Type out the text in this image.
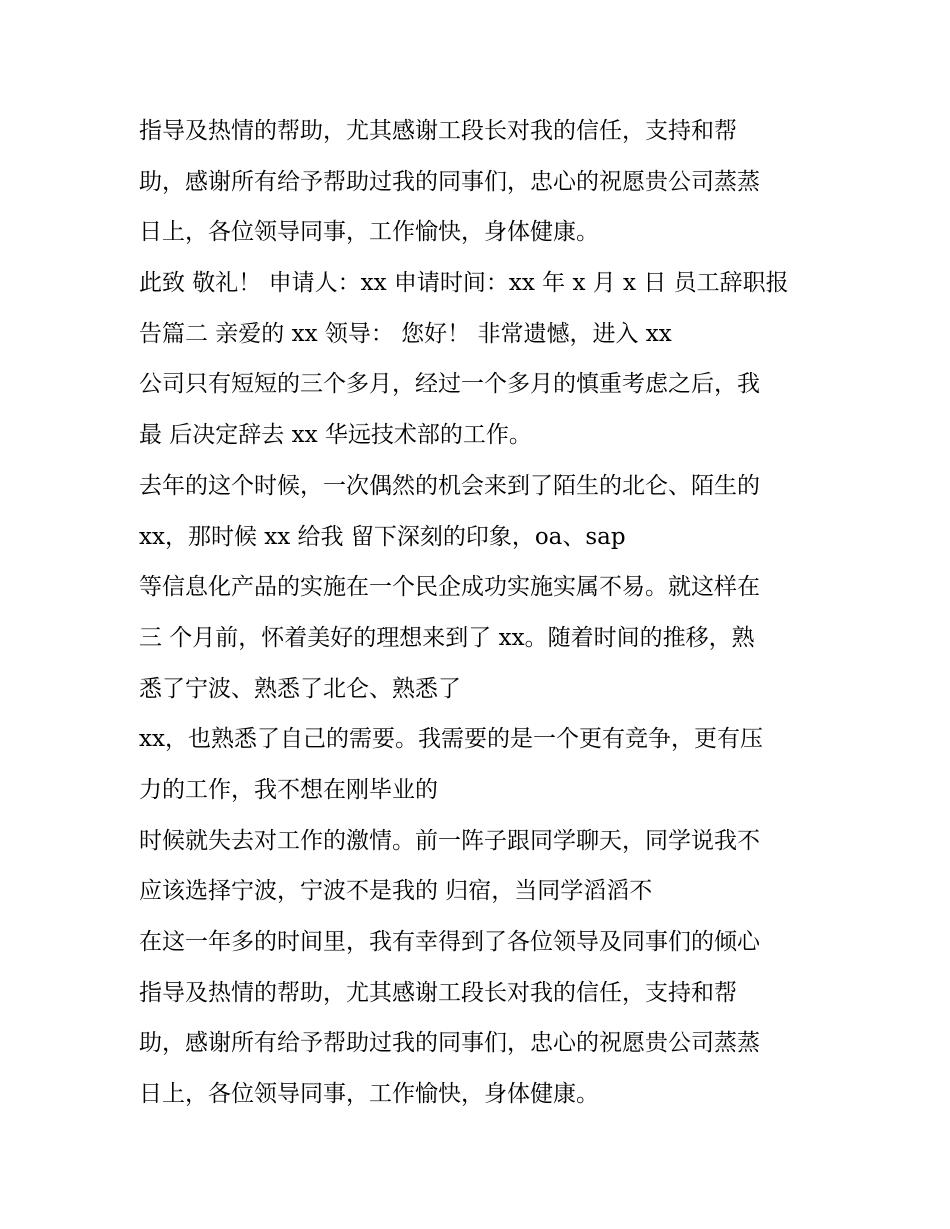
指导及热情的帮助，尤其感谢工段长对我的信任，支持和帮
助，感谢所有给予帮助过我的同事们，忠心的祝愿贵公司蒸蒸
日上，各位领导同事，工作愉快，身体健康。
此致 敬礼！ 申请人：xx 申请时间：xx 年 x 月 x 日 员工辞职报
告篇二 亲爱的 xx 领导： 您好！ 非常遗憾，进入 xx
公司只有短短的三个多月，经过一个多月的慎重考虑之后，我
最 后决定辞去 xx 华远技术部的工作。
去年的这个时候，一次偶然的机会来到了陌生的北仑、陌生的
xx，那时候 xx 给我 留下深刻的印象，oa、sap
等信息化产品的实施在一个民企成功实施实属不易。就这样在
三 个月前，怀着美好的理想来到了 xx。随着时间的推移，熟
悉了宁波、熟悉了北仑、熟悉了
xx，也熟悉了自己的需要。我需要的是一个更有竞争，更有压
力的工作，我不想在刚毕业的
时候就失去对工作的激情。前一阵子跟同学聊天，同学说我不
应该选择宁波，宁波不是我的 归宿，当同学滔滔不
在这一年多的时间里，我有幸得到了各位领导及同事们的倾心
指导及热情的帮助，尤其感谢工段长对我的信任，支持和帮
助，感谢所有给予帮助过我的同事们，忠心的祝愿贵公司蒸蒸
日上，各位领导同事，工作愉快，身体健康。
